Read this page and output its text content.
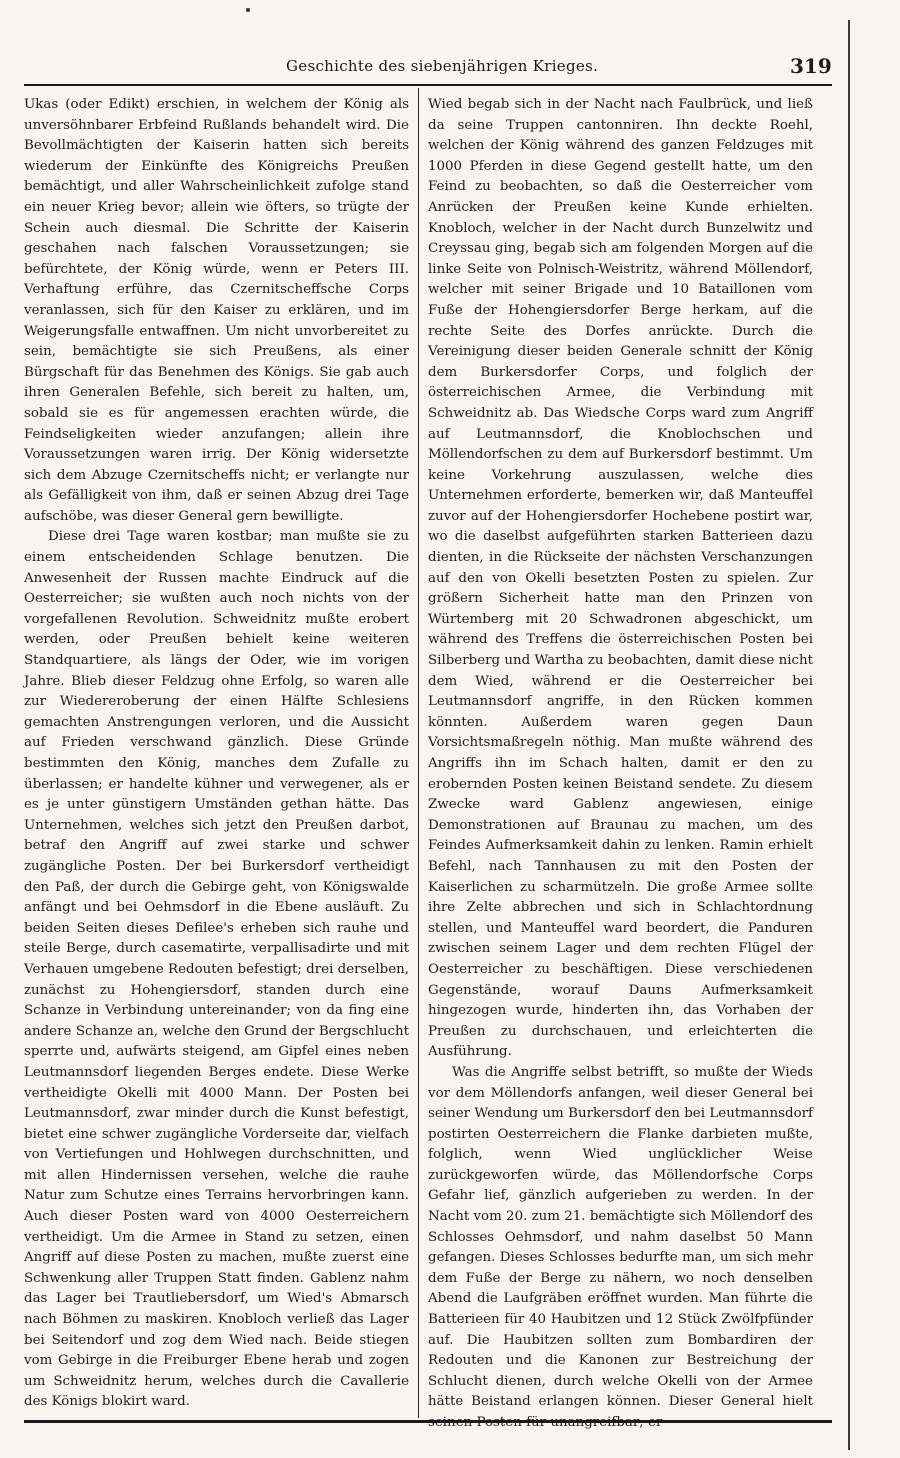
Geschichte des siebenjährigen Krieges.	319

Ukas (oder Edikt) erschien, in welchem der König als unversöhnbarer Erbfeind Rußlands behandelt wird. Die Bevollmächtigten der Kaiserin hatten sich bereits wiederum der Einkünfte des Königreichs Preußen bemächtigt, und aller Wahrscheinlichkeit zufolge stand ein neuer Krieg bevor; allein wie öfters, so trügte der Schein auch diesmal. Die Schritte der Kaiserin geschahen nach falschen Voraussetzungen; sie befürchtete, der König würde, wenn er Peters III. Verhaftung erführe, das Czernitscheffsche Corps veranlassen, sich für den Kaiser zu erklären, und im Weigerungsfalle entwaffnen. Um nicht unvorbereitet zu sein, bemächtigte sie sich Preußens, als einer Bürgschaft für das Benehmen des Königs. Sie gab auch ihren Generalen Befehle, sich bereit zu halten, um, sobald sie es für angemessen erachten würde, die Feindseligkeiten wieder anzufangen; allein ihre Voraussetzungen waren irrig. Der König widersetzte sich dem Abzuge Czernitscheffs nicht; er verlangte nur als Gefälligkeit von ihm, daß er seinen Abzug drei Tage aufschöbe, was dieser General gern bewilligte.

Diese drei Tage waren kostbar; man mußte sie zu einem entscheidenden Schlage benutzen. Die Anwesenheit der Russen machte Eindruck auf die Oesterreicher; sie wußten auch noch nichts von der vorgefallenen Revolution. Schweidnitz mußte erobert werden, oder Preußen behielt keine weiteren Standquartiere, als längs der Oder, wie im vorigen Jahre. Blieb dieser Feldzug ohne Erfolg, so waren alle zur Wiedereroberung der einen Hälfte Schlesiens gemachten Anstrengungen verloren, und die Aussicht auf Frieden verschwand gänzlich. Diese Gründe bestimmten den König, manches dem Zufalle zu überlassen; er handelte kühner und verwegener, als er es je unter günstigern Umständen gethan hätte. Das Unternehmen, welches sich jetzt den Preußen darbot, betraf den Angriff auf zwei starke und schwer zugängliche Posten. Der bei Burkersdorf vertheidigt den Paß, der durch die Gebirge geht, von Königswalde anfängt und bei Oehmsdorf in die Ebene ausläuft. Zu beiden Seiten dieses Defilee's erheben sich rauhe und steile Berge, durch casematirte, verpallisadirte und mit Verhauen umgebene Redouten befestigt; drei derselben, zunächst zu Hohengiersdorf, standen durch eine Schanze in Verbindung untereinander; von da fing eine andere Schanze an, welche den Grund der Bergschlucht sperrte und, aufwärts steigend, am Gipfel eines neben Leutmannsdorf liegenden Berges endete. Diese Werke vertheidigte Okelli mit 4000 Mann. Der Posten bei Leutmannsdorf, zwar minder durch die Kunst befestigt, bietet eine schwer zugängliche Vorderseite dar, vielfach von Vertiefungen und Hohlwegen durchschnitten, und mit allen Hindernissen versehen, welche die rauhe Natur zum Schutze eines Terrains hervorbringen kann. Auch dieser Posten ward von 4000 Oesterreichern vertheidigt. Um die Armee in Stand zu setzen, einen Angriff auf diese Posten zu machen, mußte zuerst eine Schwenkung aller Truppen Statt finden. Gablenz nahm das Lager bei Trautliebersdorf, um Wied's Abmarsch nach Böhmen zu maskiren. Knobloch verließ das Lager bei Seitendorf und zog dem Wied nach. Beide stiegen vom Gebirge in die Freiburger Ebene herab und zogen um Schweidnitz herum, welches durch die Cavallerie des Königs blokirt ward.

Wied begab sich in der Nacht nach Faulbrück, und ließ da seine Truppen cantonniren. Ihn deckte Roehl, welchen der König während des ganzen Feldzuges mit 1000 Pferden in diese Gegend gestellt hatte, um den Feind zu beobachten, so daß die Oesterreicher vom Anrücken der Preußen keine Kunde erhielten. Knobloch, welcher in der Nacht durch Bunzelwitz und Creyssau ging, begab sich am folgenden Morgen auf die linke Seite von Polnisch-Weistritz, während Möllendorf, welcher mit seiner Brigade und 10 Bataillonen vom Fuße der Hohengiersdorfer Berge herkam, auf die rechte Seite des Dorfes anrückte. Durch die Vereinigung dieser beiden Generale schnitt der König dem Burkersdorfer Corps, und folglich der österreichischen Armee, die Verbindung mit Schweidnitz ab. Das Wiedsche Corps ward zum Angriff auf Leutmannsdorf, die Knoblochschen und Möllendorfschen zu dem auf Burkersdorf bestimmt. Um keine Vorkehrung auszulassen, welche dies Unternehmen erforderte, bemerken wir, daß Manteuffel zuvor auf der Hohengiersdorfer Hochebene postirt war, wo die daselbst aufgeführten starken Batterieen dazu dienten, in die Rückseite der nächsten Verschanzungen auf den von Okelli besetzten Posten zu spielen. Zur größern Sicherheit hatte man den Prinzen von Würtemberg mit 20 Schwadronen abgeschickt, um während des Treffens die österreichischen Posten bei Silberberg und Wartha zu beobachten, damit diese nicht dem Wied, während er die Oesterreicher bei Leutmannsdorf angriffe, in den Rücken kommen könnten. Außerdem waren gegen Daun Vorsichtsmaßregeln nöthig. Man mußte während des Angriffs ihn im Schach halten, damit er den zu erobernden Posten keinen Beistand sendete. Zu diesem Zwecke ward Gablenz angewiesen, einige Demonstrationen auf Braunau zu machen, um des Feindes Aufmerksamkeit dahin zu lenken. Ramin erhielt Befehl, nach Tannhausen zu mit den Posten der Kaiserlichen zu scharmützeln. Die große Armee sollte ihre Zelte abbrechen und sich in Schlachtordnung stellen, und Manteuffel ward beordert, die Panduren zwischen seinem Lager und dem rechten Flügel der Oesterreicher zu beschäftigen. Diese verschiedenen Gegenstände, worauf Dauns Aufmerksamkeit hingezogen wurde, hinderten ihn, das Vorhaben der Preußen zu durchschauen, und erleichterten die Ausführung.

Was die Angriffe selbst betrifft, so mußte der Wieds vor dem Möllendorfs anfangen, weil dieser General bei seiner Wendung um Burkersdorf den bei Leutmannsdorf postirten Oesterreichern die Flanke darbieten mußte, folglich, wenn Wied unglücklicher Weise zurückgeworfen würde, das Möllendorfsche Corps Gefahr lief, gänzlich aufgerieben zu werden. In der Nacht vom 20. zum 21. bemächtigte sich Möllendorf des Schlosses Oehmsdorf, und nahm daselbst 50 Mann gefangen. Dieses Schlosses bedurfte man, um sich mehr dem Fuße der Berge zu nähern, wo noch denselben Abend die Laufgräben eröffnet wurden. Man führte die Batterieen für 40 Haubitzen und 12 Stück Zwölfpfünder auf. Die Haubitzen sollten zum Bombardiren der Redouten und die Kanonen zur Bestreichung der Schlucht dienen, durch welche Okelli von der Armee hätte Beistand erlangen können. Dieser General hielt seinen Posten für unangreifbar; er
